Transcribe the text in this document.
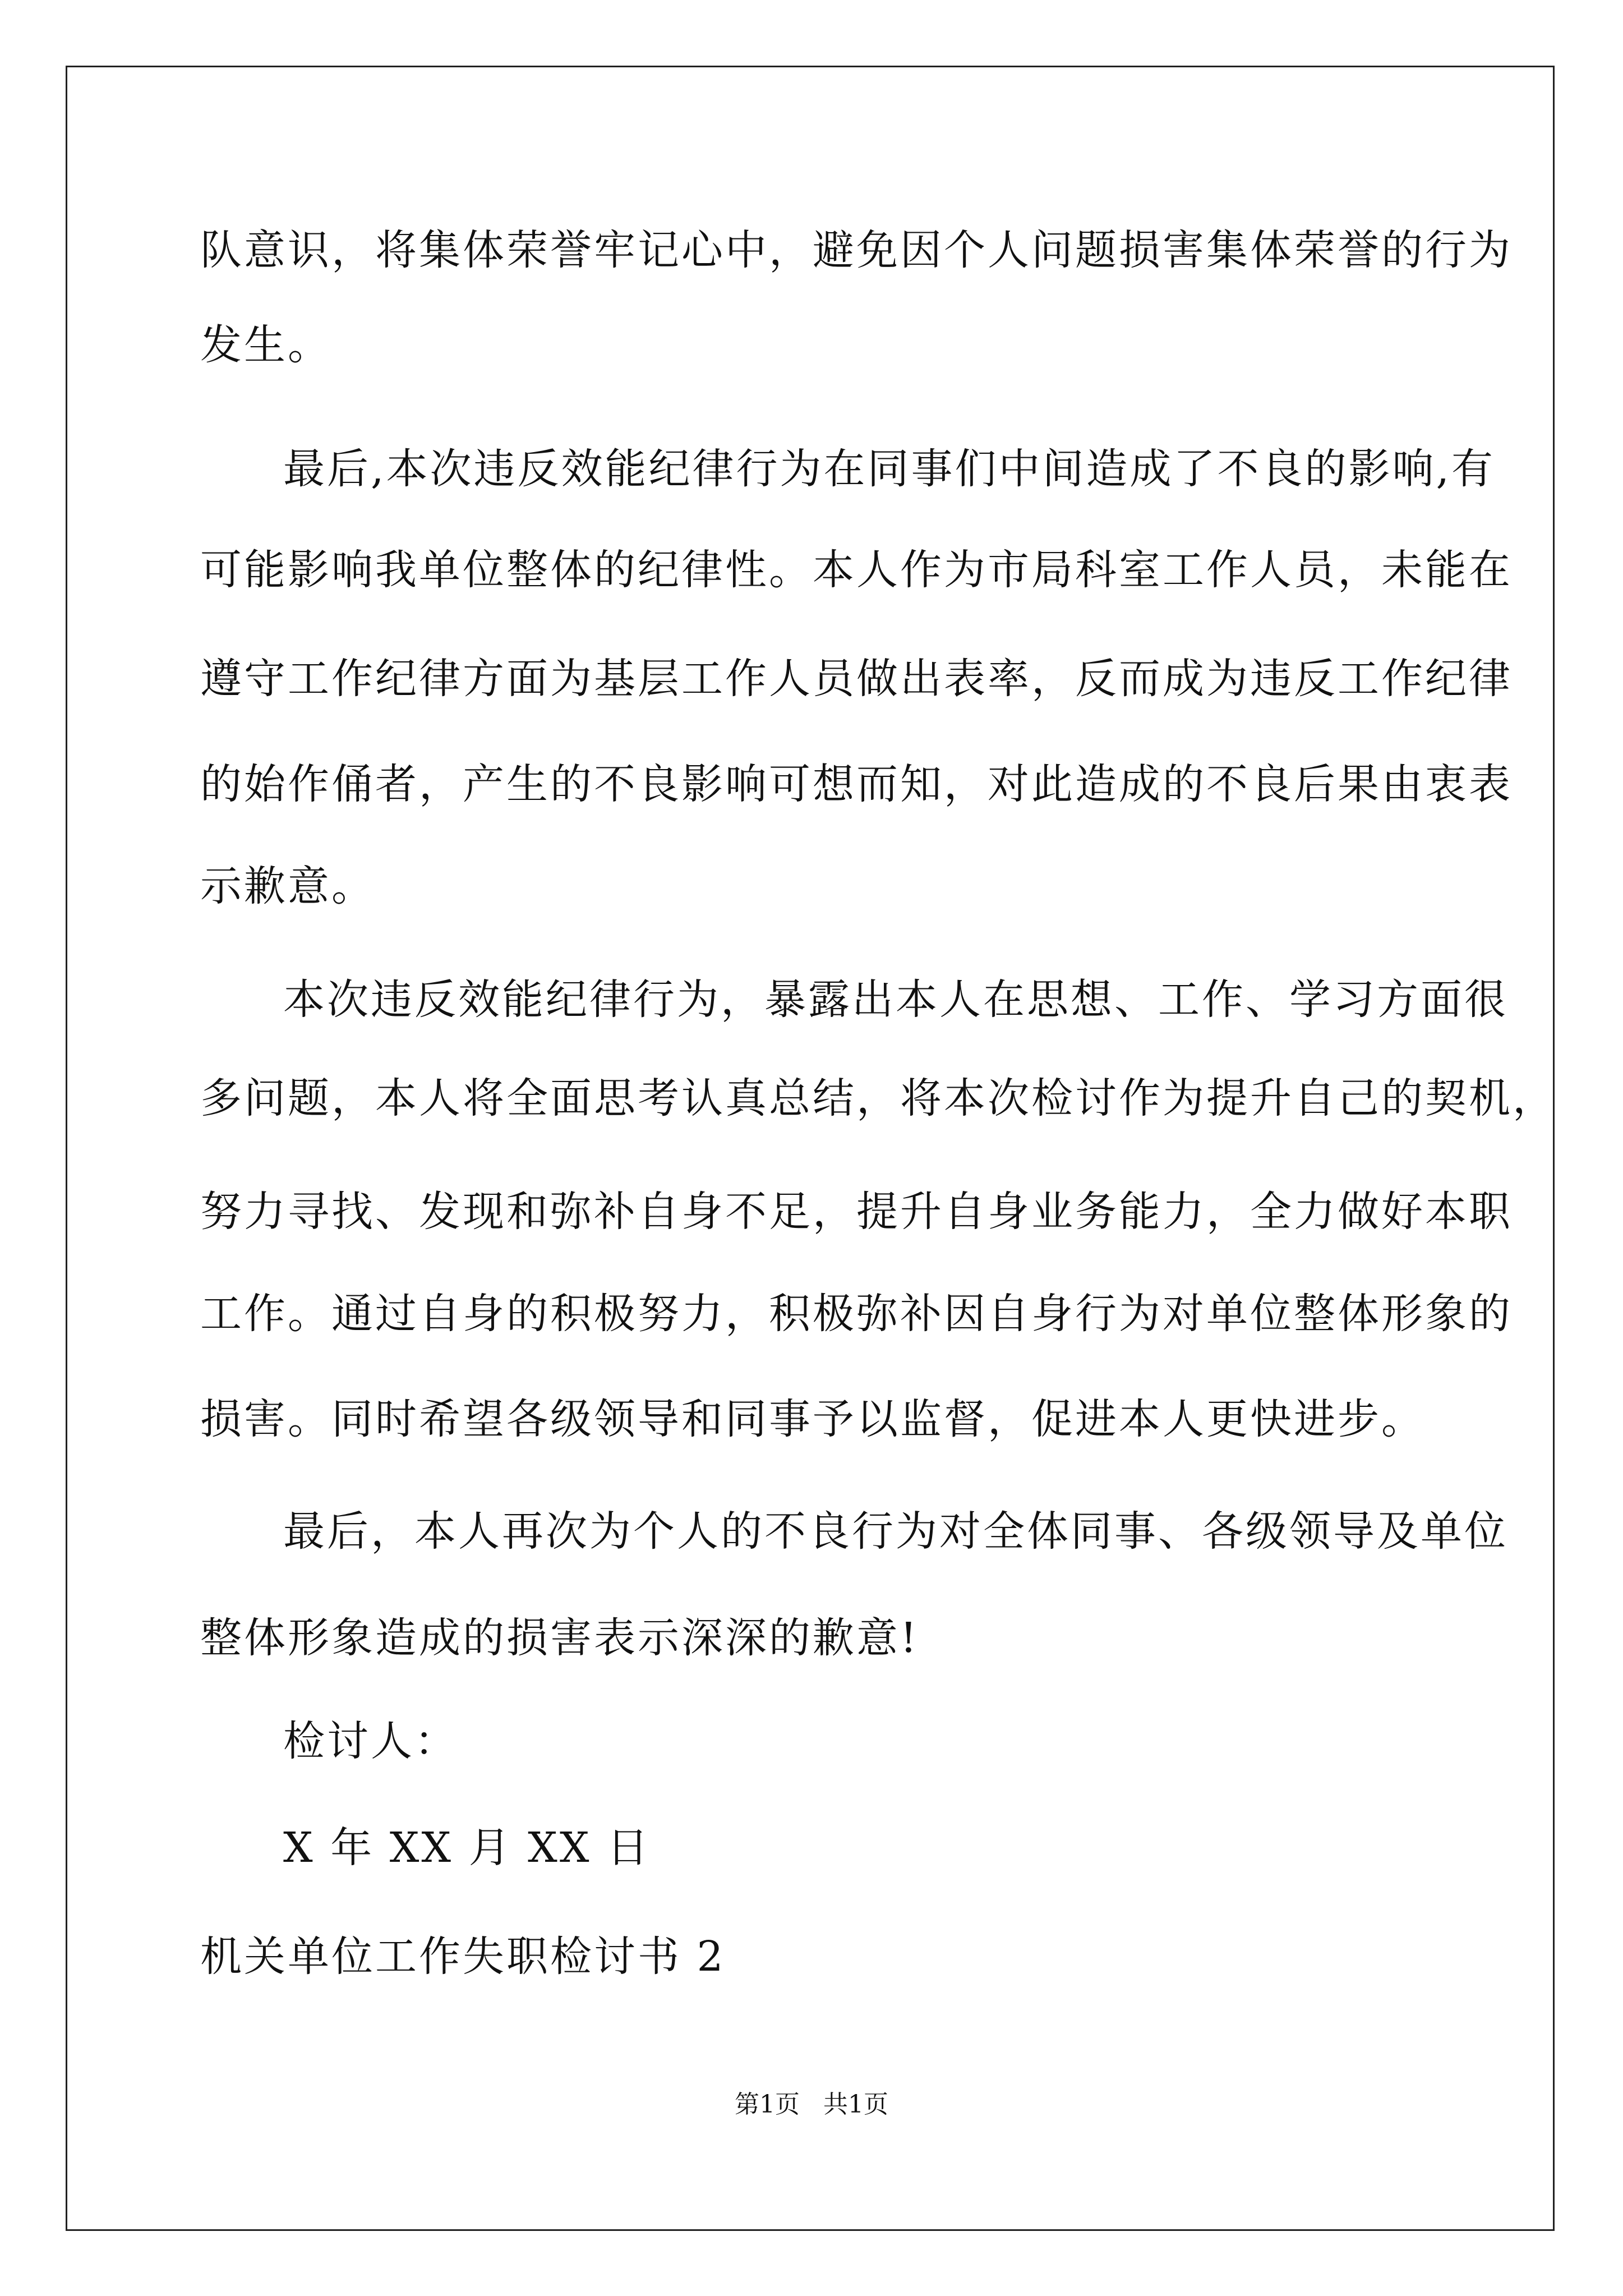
队意识，将集体荣誉牢记心中，避免因个人问题损害集体荣誉的行为
发生。
最后,本次违反效能纪律行为在同事们中间造成了不良的影响,有
可能影响我单位整体的纪律性。本人作为市局科室工作人员，未能在
遵守工作纪律方面为基层工作人员做出表率，反而成为违反工作纪律
的始作俑者，产生的不良影响可想而知，对此造成的不良后果由衷表
示歉意。
本次违反效能纪律行为，暴露出本人在思想、工作、学习方面很
多问题，本人将全面思考认真总结，将本次检讨作为提升自己的契机，
努力寻找、发现和弥补自身不足，提升自身业务能力，全力做好本职
工作。通过自身的积极努力，积极弥补因自身行为对单位整体形象的
损害。同时希望各级领导和同事予以监督，促进本人更快进步。
最后，本人再次为个人的不良行为对全体同事、各级领导及单位
整体形象造成的损害表示深深的歉意!
检讨人：
X 年 XX 月 XX 日
机关单位工作失职检讨书 2
第1页 共1页
